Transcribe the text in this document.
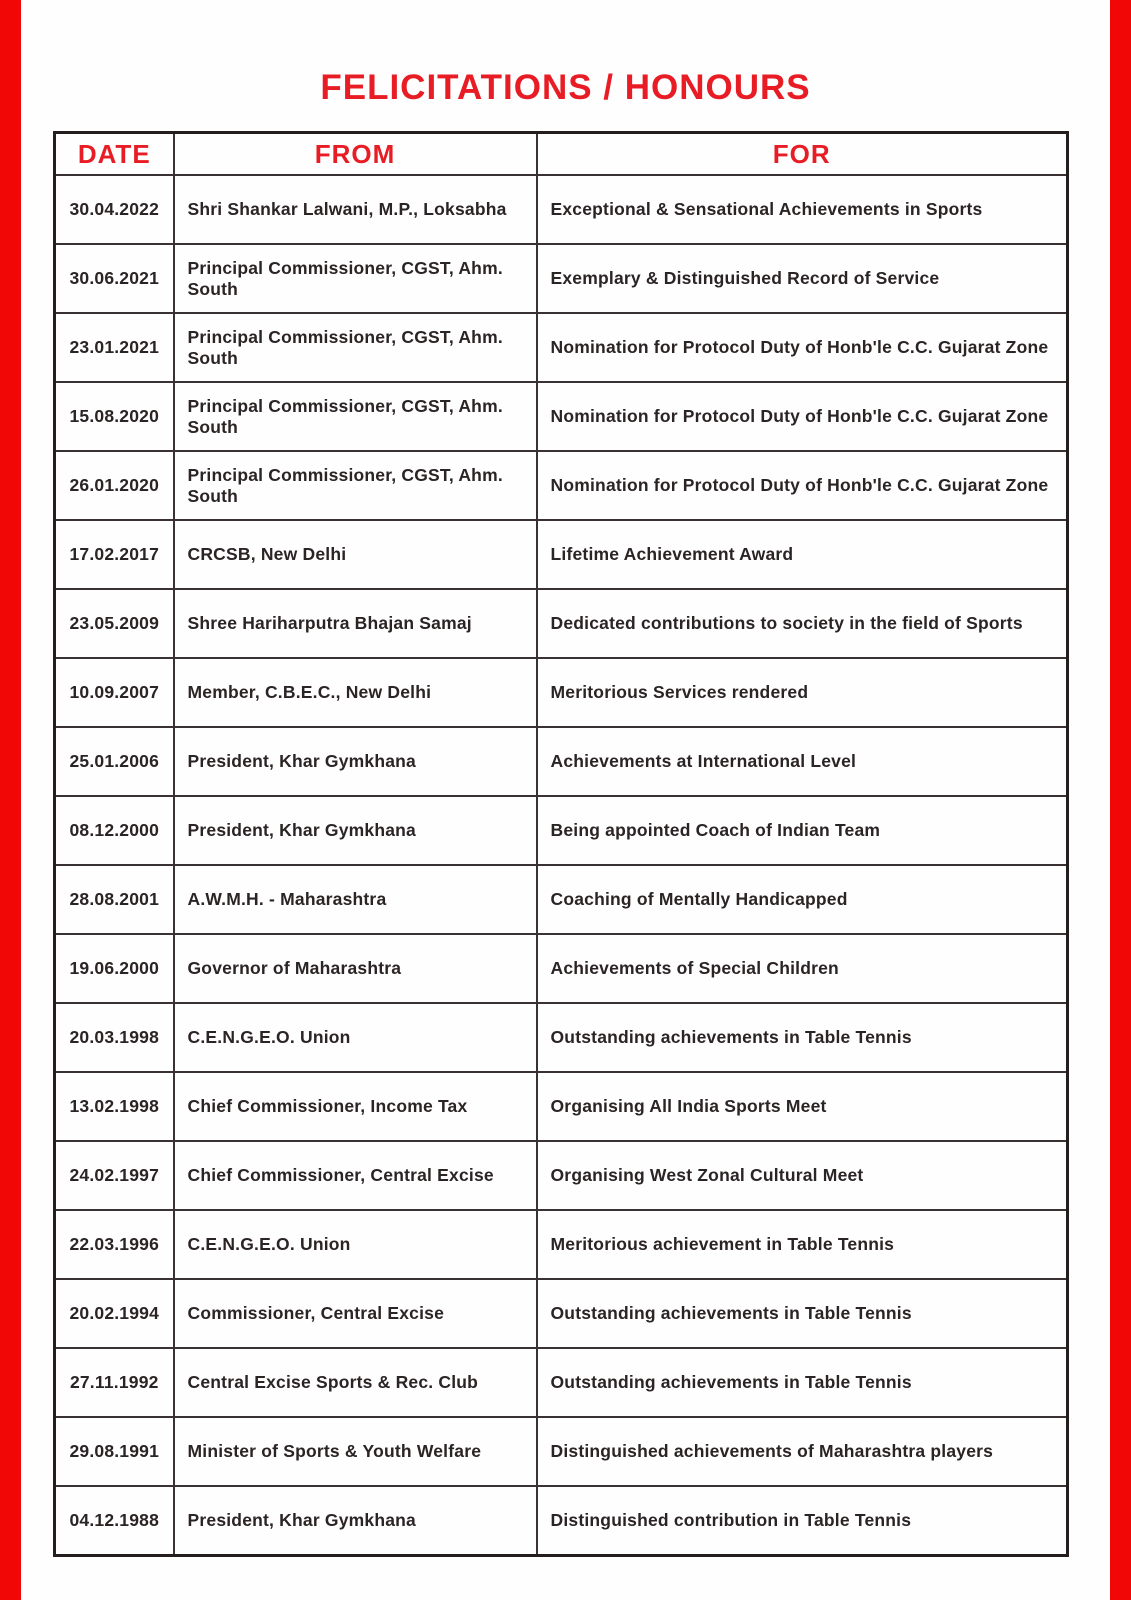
FELICITATIONS / HONOURS
DATE	FROM	FOR
30.04.2022	Shri Shankar Lalwani, M.P., Loksabha	Exceptional & Sensational Achievements in Sports
30.06.2021	Principal Commissioner, CGST, Ahm. South	Exemplary & Distinguished Record of Service
23.01.2021	Principal Commissioner, CGST, Ahm. South	Nomination for Protocol Duty of Honb'le C.C. Gujarat Zone
15.08.2020	Principal Commissioner, CGST, Ahm. South	Nomination for Protocol Duty of Honb'le C.C. Gujarat Zone
26.01.2020	Principal Commissioner, CGST, Ahm. South	Nomination for Protocol Duty of Honb'le C.C. Gujarat Zone
17.02.2017	CRCSB, New Delhi	Lifetime Achievement Award
23.05.2009	Shree Hariharputra Bhajan Samaj	Dedicated contributions to society in the field of Sports
10.09.2007	Member, C.B.E.C., New Delhi	Meritorious Services rendered
25.01.2006	President, Khar Gymkhana	Achievements at International Level
08.12.2000	President, Khar Gymkhana	Being appointed Coach of Indian Team
28.08.2001	A.W.M.H. - Maharashtra	Coaching of Mentally Handicapped
19.06.2000	Governor of Maharashtra	Achievements of Special Children
20.03.1998	C.E.N.G.E.O. Union	Outstanding achievements in Table Tennis
13.02.1998	Chief Commissioner, Income Tax	Organising All India Sports Meet
24.02.1997	Chief Commissioner, Central Excise	Organising West Zonal Cultural Meet
22.03.1996	C.E.N.G.E.O. Union	Meritorious achievement in Table Tennis
20.02.1994	Commissioner, Central Excise	Outstanding achievements in Table Tennis
27.11.1992	Central Excise Sports & Rec. Club	Outstanding achievements in Table Tennis
29.08.1991	Minister of Sports & Youth Welfare	Distinguished achievements of Maharashtra players
04.12.1988	President, Khar Gymkhana	Distinguished contribution in Table Tennis
